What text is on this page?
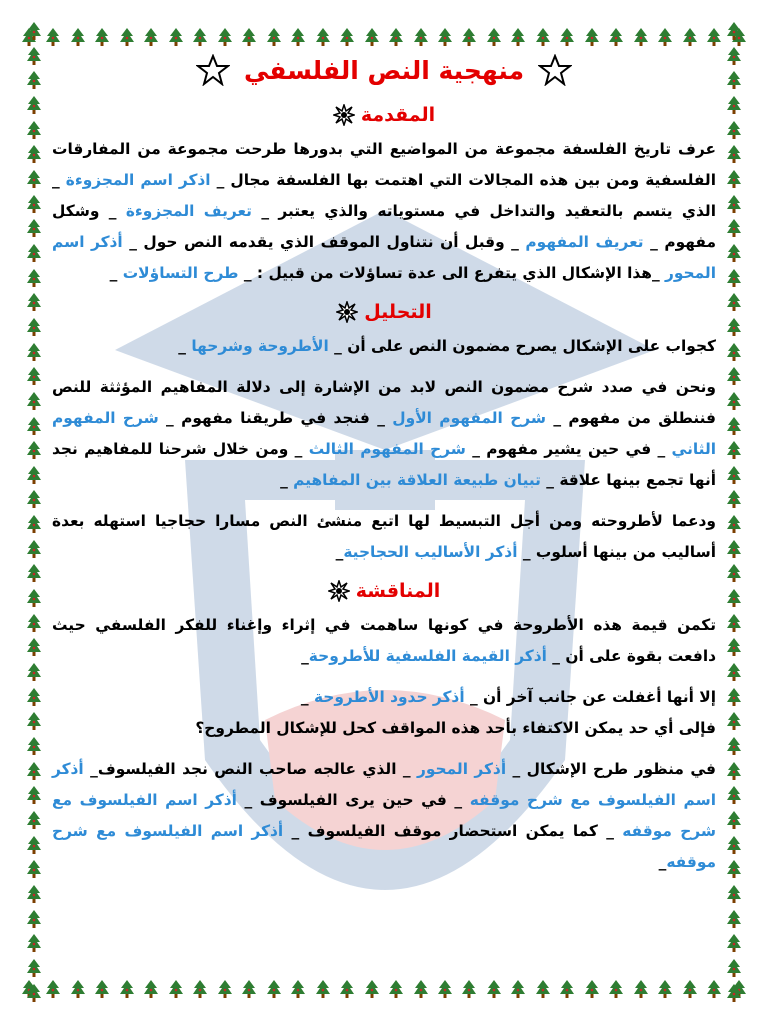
منهجية النص الفلسفي
المقدمة

عرف تاريخ الفلسفة مجموعة من المواضيع التي بدورها طرحت مجموعة من المفارقات الفلسفية ومن بين هذه المجالات التي اهتمت بها الفلسفة مجال _ اذكر اسم المجزوءة _ الذي يتسم بالتعقيد والتداخل في مستوياته والذي يعتبر _ تعريف المجزوءة _ وشكل مفهوم _ تعريف المفهوم _ وقبل أن نتناول الموقف الذي يقدمه النص حول _ أذكر اسم المحور _هذا الإشكال الذي يتفرع الى عدة تساؤلات من قبيل : _ طرح التساؤلات _

التحليل

كجواب على الإشكال يصرح مضمون النص على أن _ الأطروحة وشرحها _

ونحن في صدد شرح مضمون النص لابد من الإشارة إلى دلالة المفاهيم المؤثثة للنص فننطلق من مفهوم _ شرح المفهوم الأول _ فنجد في طريقنا مفهوم _ شرح المفهوم الثاني _ في حين يشير مفهوم _ شرح المفهوم الثالث _ ومن خلال شرحنا للمفاهيم نجد أنها تجمع بينها علاقة _ تبيان طبيعة العلاقة بين المفاهيم _

ودعما لأطروحته ومن أجل التبسيط لها اتبع منشئ النص مسارا حجاجيا استهله بعدة أساليب من بينها أسلوب _ أذكر الأساليب الحجاجية_

المناقشة

تكمن قيمة هذه الأطروحة في كونها ساهمت في إثراء وإغناء للفكر الفلسفي حيث دافعت بقوة على أن _ أذكر القيمة الفلسفية للأطروحة_

إلا أنها أغفلت عن جانب آخر أن _ أذكر حدود الأطروحة _

فإلى أي حد يمكن الاكتفاء بأحد هذه المواقف كحل للإشكال المطروح؟

في منظور طرح الإشكال _ أذكر المحور _ الذي عالجه صاحب النص نجد الفيلسوف_ أذكر اسم الفيلسوف مع شرح موقفه _ في حين يرى الفيلسوف _ أذكر اسم الفيلسوف مع شرح موقفه _ كما يمكن استحضار موقف الفيلسوف _ أذكر اسم الفيلسوف مع شرح موقفه_
